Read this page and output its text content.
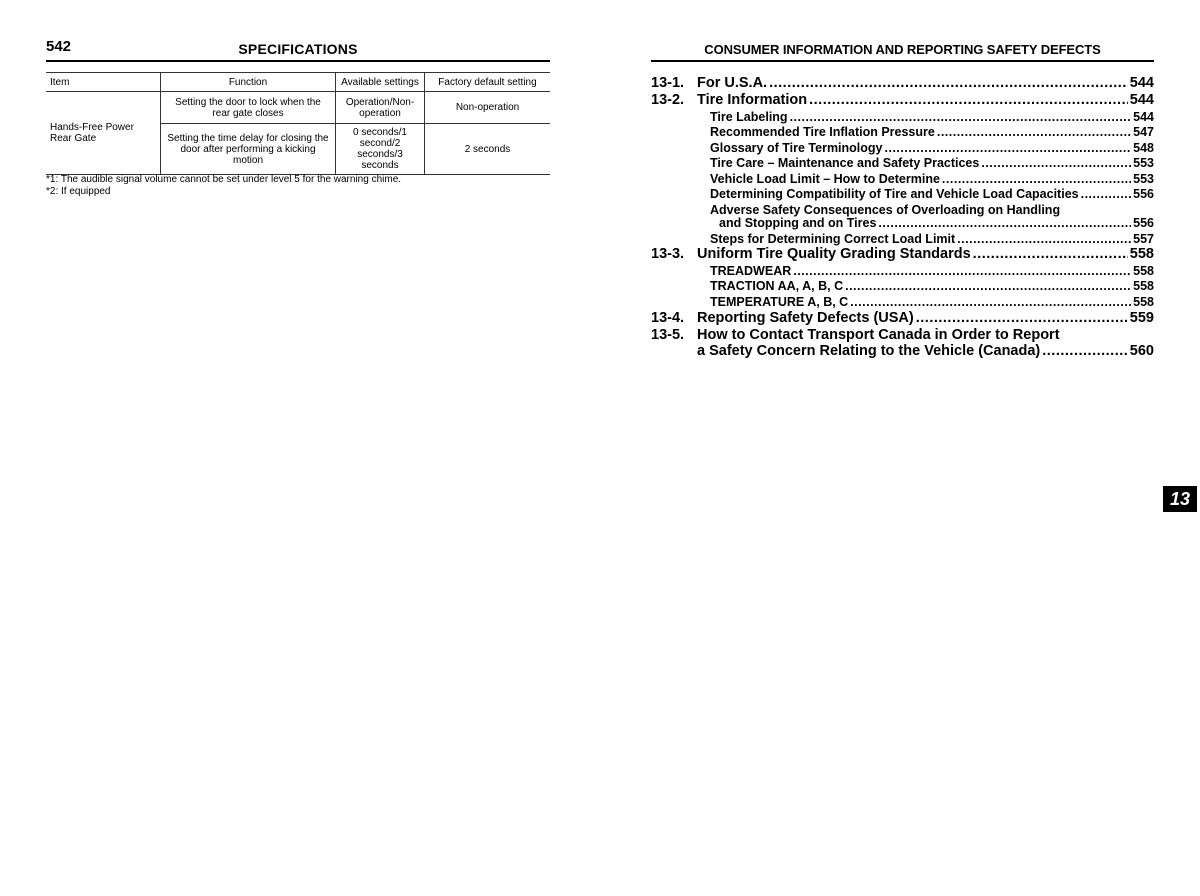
542	SPECIFICATIONS
Item	Function	Available settings	Factory default setting
Hands-Free Power Rear Gate	Setting the door to lock when the rear gate closes	Operation/Non-operation	Non-operation
	Setting the time delay for closing the door after performing a kicking motion	0 seconds/1 second/2 seconds/3 seconds	2 seconds

*1: The audible signal volume cannot be set under level 5 for the warning chime.

*2: If equipped

CONSUMER INFORMATION AND REPORTING SAFETY DEFECTS
13-1. For U.S.A. .....	544
13-2. Tire Information .....	544
Tire Labeling .....	544
Recommended Tire Inflation Pressure .....	547
Glossary of Tire Terminology .....	548
Tire Care – Maintenance and Safety Practices .....	553
Vehicle Load Limit – How to Determine .....	553
Determining Compatibility of Tire and Vehicle Load Capacities .....	556
Adverse Safety Consequences of Overloading on Handling
and Stopping and on Tires .....	556
Steps for Determining Correct Load Limit .....	557
13-3. Uniform Tire Quality Grading Standards .....	558
TREADWEAR .....	558
TRACTION AA, A, B, C .....	558
TEMPERATURE A, B, C .....	558
13-4. Reporting Safety Defects (USA) .....	559
13-5. How to Contact Transport Canada in Order to Report
a Safety Concern Relating to the Vehicle (Canada) .....	560
13
